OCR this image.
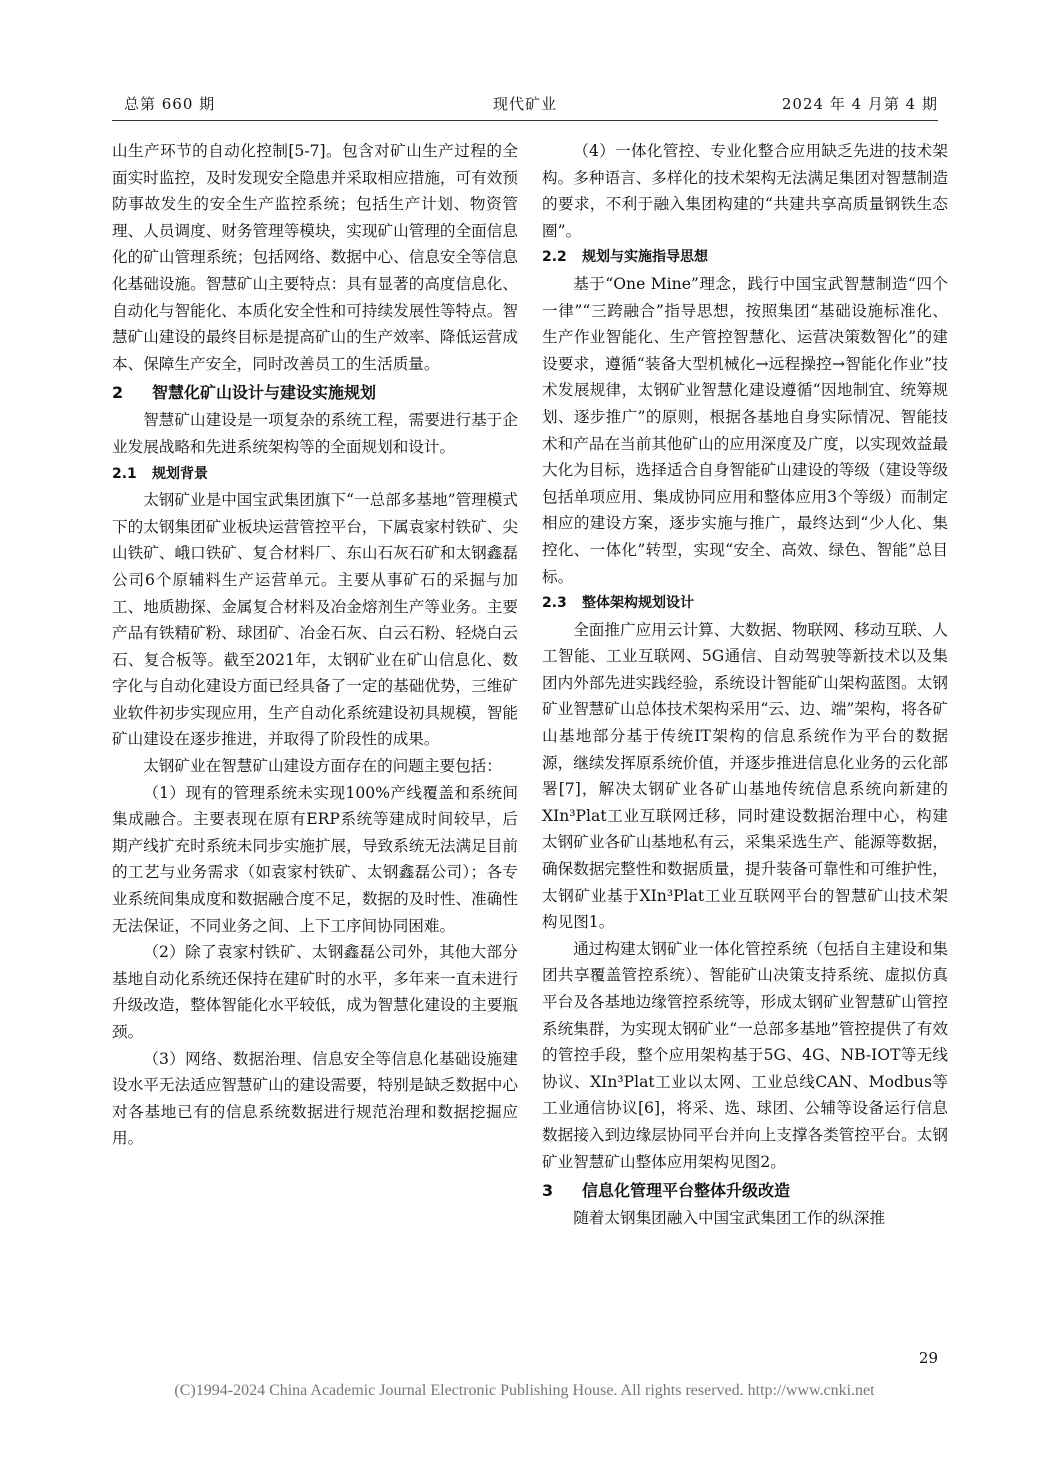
总第 660 期	现代矿业	2024 年 4 月第 4 期

山生产环节的自动化控制[5-7]。包含对矿山生产过程的全面实时监控，及时发现安全隐患并采取相应措施，可有效预防事故发生的安全生产监控系统；包括生产计划、物资管理、人员调度、财务管理等模块，实现矿山管理的全面信息化的矿山管理系统；包括网络、数据中心、信息安全等信息化基础设施。智慧矿山主要特点：具有显著的高度信息化、自动化与智能化、本质化安全性和可持续发展性等特点。智慧矿山建设的最终目标是提高矿山的生产效率、降低运营成本、保障生产安全，同时改善员工的生活质量。

2 智慧化矿山设计与建设实施规划

智慧矿山建设是一项复杂的系统工程，需要进行基于企业发展战略和先进系统架构等的全面规划和设计。

2.1 规划背景

太钢矿业是中国宝武集团旗下“一总部多基地”管理模式下的太钢集团矿业板块运营管控平台，下属袁家村铁矿、尖山铁矿、峨口铁矿、复合材料厂、东山石灰石矿和太钢鑫磊公司6个原辅料生产运营单元。主要从事矿石的采掘与加工、地质勘探、金属复合材料及冶金熔剂生产等业务。主要产品有铁精矿粉、球团矿、冶金石灰、白云石粉、轻烧白云石、复合板等。截至2021年，太钢矿业在矿山信息化、数字化与自动化建设方面已经具备了一定的基础优势，三维矿业软件初步实现应用，生产自动化系统建设初具规模，智能矿山建设在逐步推进，并取得了阶段性的成果。

太钢矿业在智慧矿山建设方面存在的问题主要包括：

（1）现有的管理系统未实现100%产线覆盖和系统间集成融合。主要表现在原有ERP系统等建成时间较早，后期产线扩充时系统未同步实施扩展，导致系统无法满足目前的工艺与业务需求（如袁家村铁矿、太钢鑫磊公司）；各专业系统间集成度和数据融合度不足，数据的及时性、准确性无法保证，不同业务之间、上下工序间协同困难。

（2）除了袁家村铁矿、太钢鑫磊公司外，其他大部分基地自动化系统还保持在建矿时的水平，多年来一直未进行升级改造，整体智能化水平较低，成为智慧化建设的主要瓶颈。

（3）网络、数据治理、信息安全等信息化基础设施建设水平无法适应智慧矿山的建设需要，特别是缺乏数据中心对各基地已有的信息系统数据进行规范治理和数据挖掘应用。

（4）一体化管控、专业化整合应用缺乏先进的技术架构。多种语言、多样化的技术架构无法满足集团对智慧制造的要求，不利于融入集团构建的“共建共享高质量钢铁生态圈”。

2.2 规划与实施指导思想

基于“One Mine”理念，践行中国宝武智慧制造“四个一律”“三跨融合”指导思想，按照集团“基础设施标准化、生产作业智能化、生产管控智慧化、运营决策数智化”的建设要求，遵循“装备大型机械化→远程操控→智能化作业”技术发展规律，太钢矿业智慧化建设遵循“因地制宜、统筹规划、逐步推广”的原则，根据各基地自身实际情况、智能技术和产品在当前其他矿山的应用深度及广度，以实现效益最大化为目标，选择适合自身智能矿山建设的等级（建设等级包括单项应用、集成协同应用和整体应用3个等级）而制定相应的建设方案，逐步实施与推广，最终达到“少人化、集控化、一体化”转型，实现“安全、高效、绿色、智能”总目标。

2.3 整体架构规划设计

全面推广应用云计算、大数据、物联网、移动互联、人工智能、工业互联网、5G通信、自动驾驶等新技术以及集团内外部先进实践经验，系统设计智能矿山架构蓝图。太钢矿业智慧矿山总体技术架构采用“云、边、端”架构，将各矿山基地部分基于传统IT架构的信息系统作为平台的数据源，继续发挥原系统价值，并逐步推进信息化业务的云化部署[7]，解决太钢矿业各矿山基地传统信息系统向新建的XIn³Plat工业互联网迁移，同时建设数据治理中心，构建太钢矿业各矿山基地私有云，采集采选生产、能源等数据，确保数据完整性和数据质量，提升装备可靠性和可维护性，太钢矿业基于XIn³Plat工业互联网平台的智慧矿山技术架构见图1。

通过构建太钢矿业一体化管控系统（包括自主建设和集团共享覆盖管控系统）、智能矿山决策支持系统、虚拟仿真平台及各基地边缘管控系统等，形成太钢矿业智慧矿山管控系统集群，为实现太钢矿业“一总部多基地”管控提供了有效的管控手段，整个应用架构基于5G、4G、NB-IOT等无线协议、XIn³Plat工业以太网、工业总线CAN、Modbus等工业通信协议[6]，将采、选、球团、公辅等设备运行信息数据接入到边缘层协同平台并向上支撑各类管控平台。太钢矿业智慧矿山整体应用架构见图2。

3 信息化管理平台整体升级改造

随着太钢集团融入中国宝武集团工作的纵深推

29
(C)1994-2024 China Academic Journal Electronic Publishing House. All rights reserved. http://www.cnki.net
